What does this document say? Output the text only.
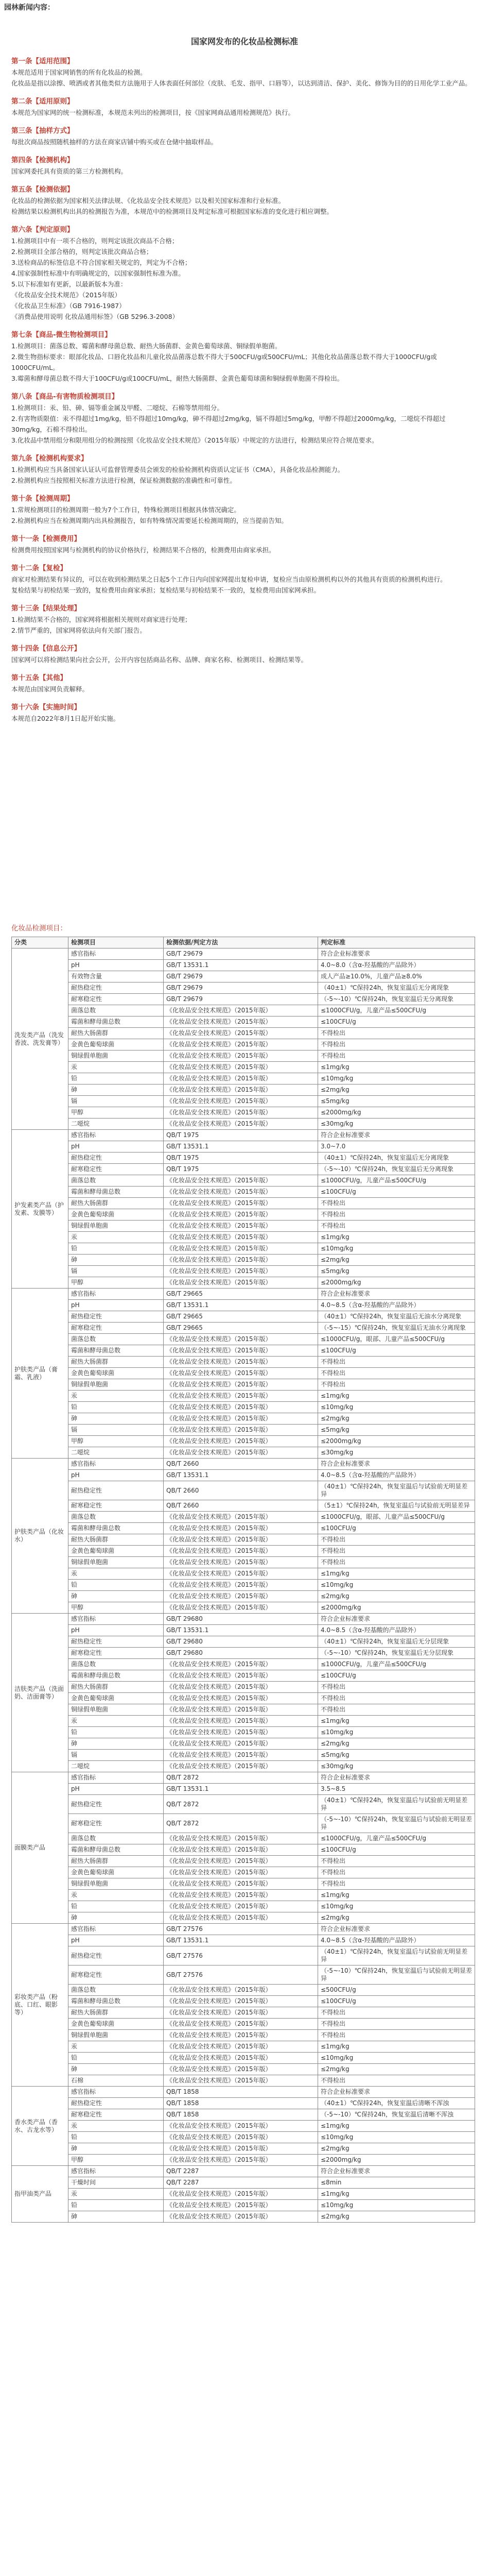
园林新闻内容：
国家网发布的化妆品检测标准
第一条【适用范围】
本规范适用于国家网销售的所有化妆品的检测。
化妆品是指以涂擦、喷洒或者其他类似方法施用于人体表面任何部位（皮肤、毛发、指甲、口唇等），以达到清洁、保护、美化、修饰为目的的日用化学工业产品。
第二条【适用原则】
本规范为国家网的统一检测标准，本规范未列出的检测项目，按《国家网商品通用检测规范》执行。
第三条【抽样方式】
每批次商品按照随机抽样的方法在商家店铺中购买或在仓储中抽取样品。
第四条【检测机构】
国家网委托具有资质的第三方检测机构。
第五条【检测依据】
化妆品的检测依据为国家相关法律法规、《化妆品安全技术规范》以及相关国家标准和行业标准。
检测结果以检测机构出具的检测报告为准，本规范中的检测项目及判定标准可根据国家标准的变化进行相应调整。
第六条【判定原则】
1.检测项目中有一项不合格的，则判定该批次商品不合格；
2.检测项目全部合格的，则判定该批次商品合格；
3.送检商品的标签信息不符合国家相关规定的，判定为不合格；
4.国家强制性标准中有明确规定的，以国家强制性标准为准。
5.以下标准如有更新，以最新版本为准：
《化妆品安全技术规范》（2015年版）
《化妆品卫生标准》（GB 7916-1987）
《消费品使用说明 化妆品通用标签》（GB 5296.3-2008）
第七条【商品-微生物检测项目】
1.检测项目：菌落总数、霉菌和酵母菌总数、耐热大肠菌群、金黄色葡萄球菌、铜绿假单胞菌。
2.微生物指标要求：眼部化妆品、口唇化妆品和儿童化妆品菌落总数不得大于500CFU/g或500CFU/mL；其他化妆品菌落总数不得大于1000CFU/g或1000CFU/mL。
3.霉菌和酵母菌总数不得大于100CFU/g或100CFU/mL，耐热大肠菌群、金黄色葡萄球菌和铜绿假单胞菌不得检出。
第八条【商品-有害物质检测项目】
1.检测项目：汞、铅、砷、镉等重金属及甲醛、二噁烷、石棉等禁用组分。
2.有害物质限值：汞不得超过1mg/kg，铅不得超过10mg/kg，砷不得超过2mg/kg，镉不得超过5mg/kg，甲醇不得超过2000mg/kg，二噁烷不得超过30mg/kg，石棉不得检出。
3.化妆品中禁用组分和限用组分的检测按照《化妆品安全技术规范》（2015年版）中规定的方法进行，检测结果应符合规范要求。
第九条【检测机构要求】
1.检测机构应当具备国家认证认可监督管理委员会颁发的检验检测机构资质认定证书（CMA），具备化妆品检测能力。
2.检测机构应当按照相关标准方法进行检测，保证检测数据的准确性和可靠性。
第十条【检测周期】
1.常规检测项目的检测周期一般为7个工作日，特殊检测项目根据具体情况确定。
2.检测机构应当在检测周期内出具检测报告，如有特殊情况需要延长检测周期的，应当提前告知。
第十一条【检测费用】
检测费用按照国家网与检测机构的协议价格执行，检测结果不合格的，检测费用由商家承担。
第十二条【复检】
商家对检测结果有异议的，可以在收到检测结果之日起5个工作日内向国家网提出复检申请，复检应当由原检测机构以外的其他具有资质的检测机构进行。
复检结果与初检结果一致的，复检费用由商家承担；复检结果与初检结果不一致的，复检费用由国家网承担。
第十三条【结果处理】
1.检测结果不合格的，国家网将根据相关规则对商家进行处理；
2.情节严重的，国家网将依法向有关部门报告。
第十四条【信息公开】
国家网可以将检测结果向社会公开，公开内容包括商品名称、品牌、商家名称、检测项目、检测结果等。
第十五条【其他】
本规范由国家网负责解释。
第十六条【实施时间】
本规范自2022年8月1日起开始实施。
化妆品检测项目：
分类	检测项目	检测依据/判定方法	判定标准
洗发类产品（洗发香波、洗发膏等）	感官指标	GB/T 29679	符合企业标准要求
	pH	GB/T 13531.1	4.0~8.0（含α-羟基酸的产品除外）
	有效物含量	GB/T 29679	成人产品≥10.0%，儿童产品≥8.0%
	耐热稳定性	GB/T 29679	（40±1）℃保持24h，恢复室温后无分离现象
	耐寒稳定性	GB/T 29679	（-5~-10）℃保持24h，恢复室温后无分离现象
	菌落总数	《化妆品安全技术规范》（2015年版）	≤1000CFU/g，儿童产品≤500CFU/g
	霉菌和酵母菌总数	《化妆品安全技术规范》（2015年版）	≤100CFU/g
	耐热大肠菌群	《化妆品安全技术规范》（2015年版）	不得检出
	金黄色葡萄球菌	《化妆品安全技术规范》（2015年版）	不得检出
	铜绿假单胞菌	《化妆品安全技术规范》（2015年版）	不得检出
	汞	《化妆品安全技术规范》（2015年版）	≤1mg/kg
	铅	《化妆品安全技术规范》（2015年版）	≤10mg/kg
	砷	《化妆品安全技术规范》（2015年版）	≤2mg/kg
	镉	《化妆品安全技术规范》（2015年版）	≤5mg/kg
	甲醇	《化妆品安全技术规范》（2015年版）	≤2000mg/kg
	二噁烷	《化妆品安全技术规范》（2015年版）	≤30mg/kg
护发素类产品（护发素、发膜等）	感官指标	QB/T 1975	符合企业标准要求
	pH	GB/T 13531.1	3.0~7.0
	耐热稳定性	QB/T 1975	（40±1）℃保持24h，恢复室温后无分离现象
	耐寒稳定性	QB/T 1975	（-5~-10）℃保持24h，恢复室温后无分离现象
	菌落总数	《化妆品安全技术规范》（2015年版）	≤1000CFU/g，儿童产品≤500CFU/g
	霉菌和酵母菌总数	《化妆品安全技术规范》（2015年版）	≤100CFU/g
	耐热大肠菌群	《化妆品安全技术规范》（2015年版）	不得检出
	金黄色葡萄球菌	《化妆品安全技术规范》（2015年版）	不得检出
	铜绿假单胞菌	《化妆品安全技术规范》（2015年版）	不得检出
	汞	《化妆品安全技术规范》（2015年版）	≤1mg/kg
	铅	《化妆品安全技术规范》（2015年版）	≤10mg/kg
	砷	《化妆品安全技术规范》（2015年版）	≤2mg/kg
	镉	《化妆品安全技术规范》（2015年版）	≤5mg/kg
	甲醇	《化妆品安全技术规范》（2015年版）	≤2000mg/kg
护肤类产品（膏霜、乳液）	感官指标	GB/T 29665	符合企业标准要求
	pH	GB/T 13531.1	4.0~8.5（含α-羟基酸的产品除外）
	耐热稳定性	GB/T 29665	（40±1）℃保持24h，恢复室温后无油水分离现象
	耐寒稳定性	GB/T 29665	（-5~-15）℃保持24h，恢复室温后无油水分离现象
	菌落总数	《化妆品安全技术规范》（2015年版）	≤1000CFU/g，眼部、儿童产品≤500CFU/g
	霉菌和酵母菌总数	《化妆品安全技术规范》（2015年版）	≤100CFU/g
	耐热大肠菌群	《化妆品安全技术规范》（2015年版）	不得检出
	金黄色葡萄球菌	《化妆品安全技术规范》（2015年版）	不得检出
	铜绿假单胞菌	《化妆品安全技术规范》（2015年版）	不得检出
	汞	《化妆品安全技术规范》（2015年版）	≤1mg/kg
	铅	《化妆品安全技术规范》（2015年版）	≤10mg/kg
	砷	《化妆品安全技术规范》（2015年版）	≤2mg/kg
	镉	《化妆品安全技术规范》（2015年版）	≤5mg/kg
	甲醇	《化妆品安全技术规范》（2015年版）	≤2000mg/kg
	二噁烷	《化妆品安全技术规范》（2015年版）	≤30mg/kg
护肤类产品（化妆水）	感官指标	QB/T 2660	符合企业标准要求
	pH	GB/T 13531.1	4.0~8.5（含α-羟基酸的产品除外）
	耐热稳定性	QB/T 2660	（40±1）℃保持24h，恢复室温后与试验前无明显差异
	耐寒稳定性	QB/T 2660	（5±1）℃保持24h，恢复室温后与试验前无明显差异
	菌落总数	《化妆品安全技术规范》（2015年版）	≤1000CFU/g，眼部、儿童产品≤500CFU/g
	霉菌和酵母菌总数	《化妆品安全技术规范》（2015年版）	≤100CFU/g
	耐热大肠菌群	《化妆品安全技术规范》（2015年版）	不得检出
	金黄色葡萄球菌	《化妆品安全技术规范》（2015年版）	不得检出
	铜绿假单胞菌	《化妆品安全技术规范》（2015年版）	不得检出
	汞	《化妆品安全技术规范》（2015年版）	≤1mg/kg
	铅	《化妆品安全技术规范》（2015年版）	≤10mg/kg
	砷	《化妆品安全技术规范》（2015年版）	≤2mg/kg
	甲醇	《化妆品安全技术规范》（2015年版）	≤2000mg/kg
洁肤类产品（洗面奶、洁面膏等）	感官指标	GB/T 29680	符合企业标准要求
	pH	GB/T 13531.1	4.0~8.5（含α-羟基酸的产品除外）
	耐热稳定性	GB/T 29680	（40±1）℃保持24h，恢复室温后无分层现象
	耐寒稳定性	GB/T 29680	（-5~-10）℃保持24h，恢复室温后无分层现象
	菌落总数	《化妆品安全技术规范》（2015年版）	≤1000CFU/g，儿童产品≤500CFU/g
	霉菌和酵母菌总数	《化妆品安全技术规范》（2015年版）	≤100CFU/g
	耐热大肠菌群	《化妆品安全技术规范》（2015年版）	不得检出
	金黄色葡萄球菌	《化妆品安全技术规范》（2015年版）	不得检出
	铜绿假单胞菌	《化妆品安全技术规范》（2015年版）	不得检出
	汞	《化妆品安全技术规范》（2015年版）	≤1mg/kg
	铅	《化妆品安全技术规范》（2015年版）	≤10mg/kg
	砷	《化妆品安全技术规范》（2015年版）	≤2mg/kg
	镉	《化妆品安全技术规范》（2015年版）	≤5mg/kg
	二噁烷	《化妆品安全技术规范》（2015年版）	≤30mg/kg
面膜类产品	感官指标	QB/T 2872	符合企业标准要求
	pH	GB/T 13531.1	3.5~8.5
	耐热稳定性	QB/T 2872	（40±1）℃保持24h，恢复室温后与试验前无明显差异
	耐寒稳定性	QB/T 2872	（-5~-10）℃保持24h，恢复室温后与试验前无明显差异
	菌落总数	《化妆品安全技术规范》（2015年版）	≤1000CFU/g，儿童产品≤500CFU/g
	霉菌和酵母菌总数	《化妆品安全技术规范》（2015年版）	≤100CFU/g
	耐热大肠菌群	《化妆品安全技术规范》（2015年版）	不得检出
	金黄色葡萄球菌	《化妆品安全技术规范》（2015年版）	不得检出
	铜绿假单胞菌	《化妆品安全技术规范》（2015年版）	不得检出
	汞	《化妆品安全技术规范》（2015年版）	≤1mg/kg
	铅	《化妆品安全技术规范》（2015年版）	≤10mg/kg
	砷	《化妆品安全技术规范》（2015年版）	≤2mg/kg
彩妆类产品（粉底、口红、眼影等）	感官指标	GB/T 27576	符合企业标准要求
	pH	GB/T 13531.1	4.0~8.5（含α-羟基酸的产品除外）
	耐热稳定性	GB/T 27576	（40±1）℃保持24h，恢复室温后与试验前无明显差异
	耐寒稳定性	GB/T 27576	（-5~-10）℃保持24h，恢复室温后与试验前无明显差异
	菌落总数	《化妆品安全技术规范》（2015年版）	≤500CFU/g
	霉菌和酵母菌总数	《化妆品安全技术规范》（2015年版）	≤100CFU/g
	耐热大肠菌群	《化妆品安全技术规范》（2015年版）	不得检出
	金黄色葡萄球菌	《化妆品安全技术规范》（2015年版）	不得检出
	铜绿假单胞菌	《化妆品安全技术规范》（2015年版）	不得检出
	汞	《化妆品安全技术规范》（2015年版）	≤1mg/kg
	铅	《化妆品安全技术规范》（2015年版）	≤10mg/kg
	砷	《化妆品安全技术规范》（2015年版）	≤2mg/kg
	石棉	《化妆品安全技术规范》（2015年版）	不得检出
香水类产品（香水、古龙水等）	感官指标	QB/T 1858	符合企业标准要求
	耐热稳定性	QB/T 1858	（40±1）℃保持24h，恢复室温后清晰不浑浊
	耐寒稳定性	QB/T 1858	（-5~-10）℃保持24h，恢复室温后清晰不浑浊
	汞	《化妆品安全技术规范》（2015年版）	≤1mg/kg
	铅	《化妆品安全技术规范》（2015年版）	≤10mg/kg
	砷	《化妆品安全技术规范》（2015年版）	≤2mg/kg
	甲醇	《化妆品安全技术规范》（2015年版）	≤2000mg/kg
指甲油类产品	感官指标	QB/T 2287	符合企业标准要求
	干燥时间	QB/T 2287	≤8min
	汞	《化妆品安全技术规范》（2015年版）	≤1mg/kg
	铅	《化妆品安全技术规范》（2015年版）	≤10mg/kg
	砷	《化妆品安全技术规范》（2015年版）	≤2mg/kg
